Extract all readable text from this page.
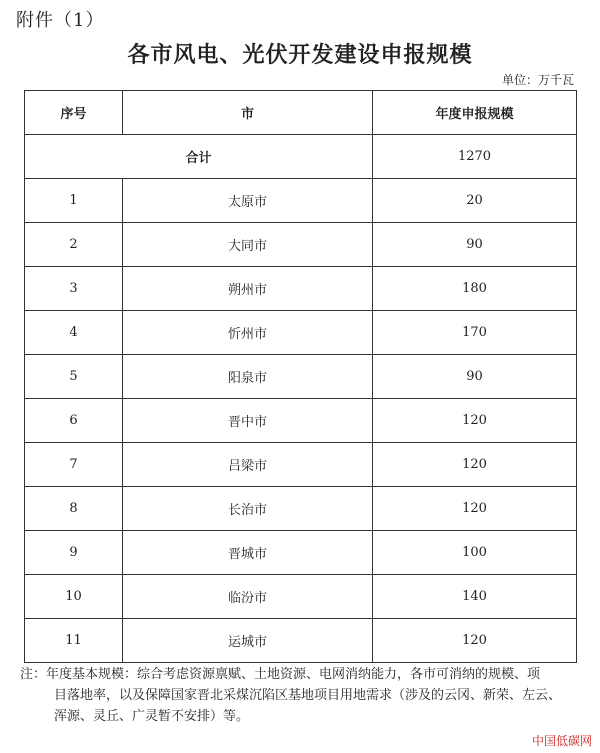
附件（1）
各市风电、光伏开发建设申报规模
单位：万千瓦
序号	市	年度申报规模
合计		1270
1	太原市	20
2	大同市	90
3	朔州市	180
4	忻州市	170
5	阳泉市	90
6	晋中市	120
7	吕梁市	120
8	长治市	120
9	晋城市	100
10	临汾市	140
11	运城市	120
注：年度基本规模：综合考虑资源禀赋、土地资源、电网消纳能力，各市可消纳的规模、项
目落地率，以及保障国家晋北采煤沉陷区基地项目用地需求（涉及的云冈、新荣、左云、
浑源、灵丘、广灵暂不安排）等。
中国低碳网
